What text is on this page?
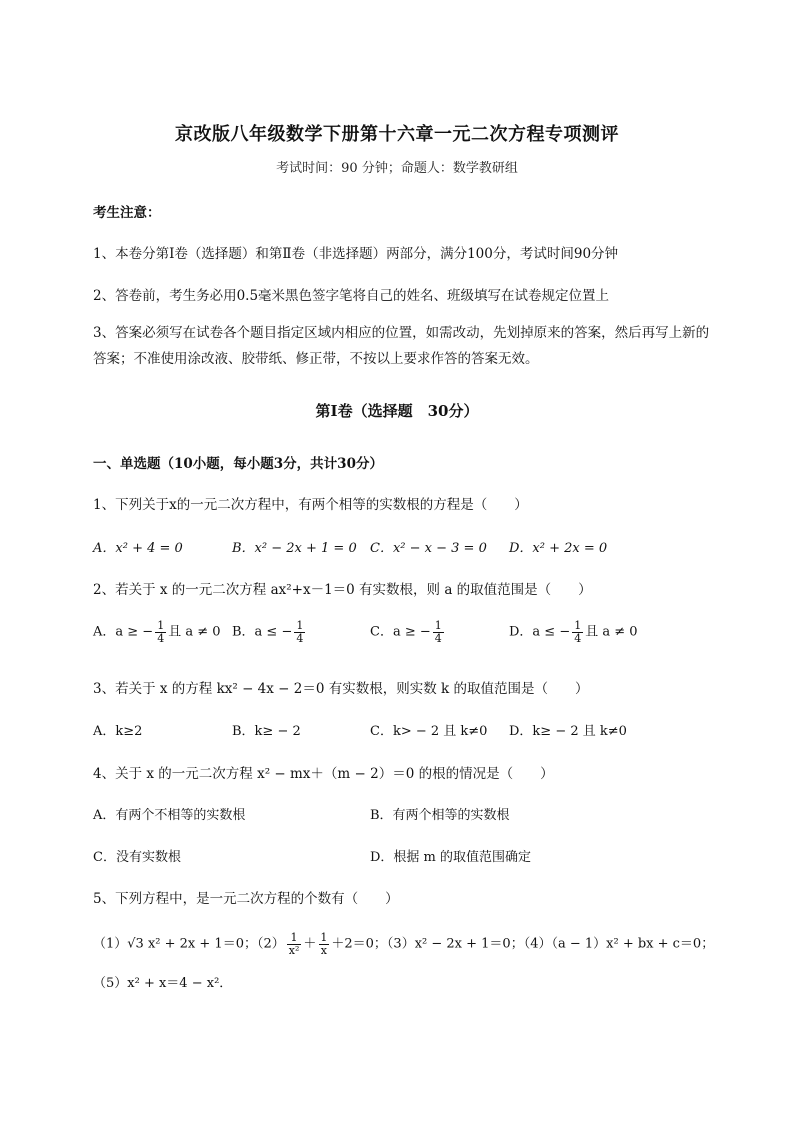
京改版八年级数学下册第十六章一元二次方程专项测评
考试时间：90 分钟；命题人：数学教研组
考生注意：
1、本卷分第Ⅰ卷（选择题）和第Ⅱ卷（非选择题）两部分，满分100分，考试时间90分钟
2、答卷前，考生务必用0.5毫米黑色签字笔将自己的姓名、班级填写在试卷规定位置上
3、答案必须写在试卷各个题目指定区域内相应的位置，如需改动，先划掉原来的答案，然后再写上新的答案；不准使用涂改液、胶带纸、修正带，不按以上要求作答的答案无效。
第Ⅰ卷（选择题　30分）
一、单选题（10小题，每小题3分，共计30分）
1、下列关于x的一元二次方程中，有两个相等的实数根的方程是（　　）
A．x² + 4 = 0	B．x² − 2x + 1 = 0 C．x² − x − 3 = 0 D．x² + 2x = 0
2、若关于 x 的一元二次方程 ax²+x－1＝0 有实数根，则 a 的取值范围是（　　）
A．a ≥ − $\frac{1}{4}$ 且 a ≠ 0 B．a ≤ − $\frac{1}{4}$	C．a ≥ − $\frac{1}{4}$	D．a ≤ − $\frac{1}{4}$ 且 a ≠ 0
3、若关于 x 的方程 kx² − 4x − 2＝0 有实数根，则实数 k 的取值范围是（　　）
A．k≥2	B．k≥ − 2	C．k> − 2 且 k≠0 D．k≥ − 2 且 k≠0
4、关于 x 的一元二次方程 x² − mx＋（m − 2）＝0 的根的情况是（　　）
A．有两个不相等的实数根	B．有两个相等的实数根
C．没有实数根	D．根据 m 的取值范围确定
5、下列方程中，是一元二次方程的个数有（　　）
（1）√3 x² + 2x + 1＝0；$(2) \frac{1}{\text{x²}} + \frac{1}{x} +2=0$；（3）x² − 2x + 1＝0；（4）（a − 1）x² + bx + c＝0；
（5）x² + x＝4 − x²．
